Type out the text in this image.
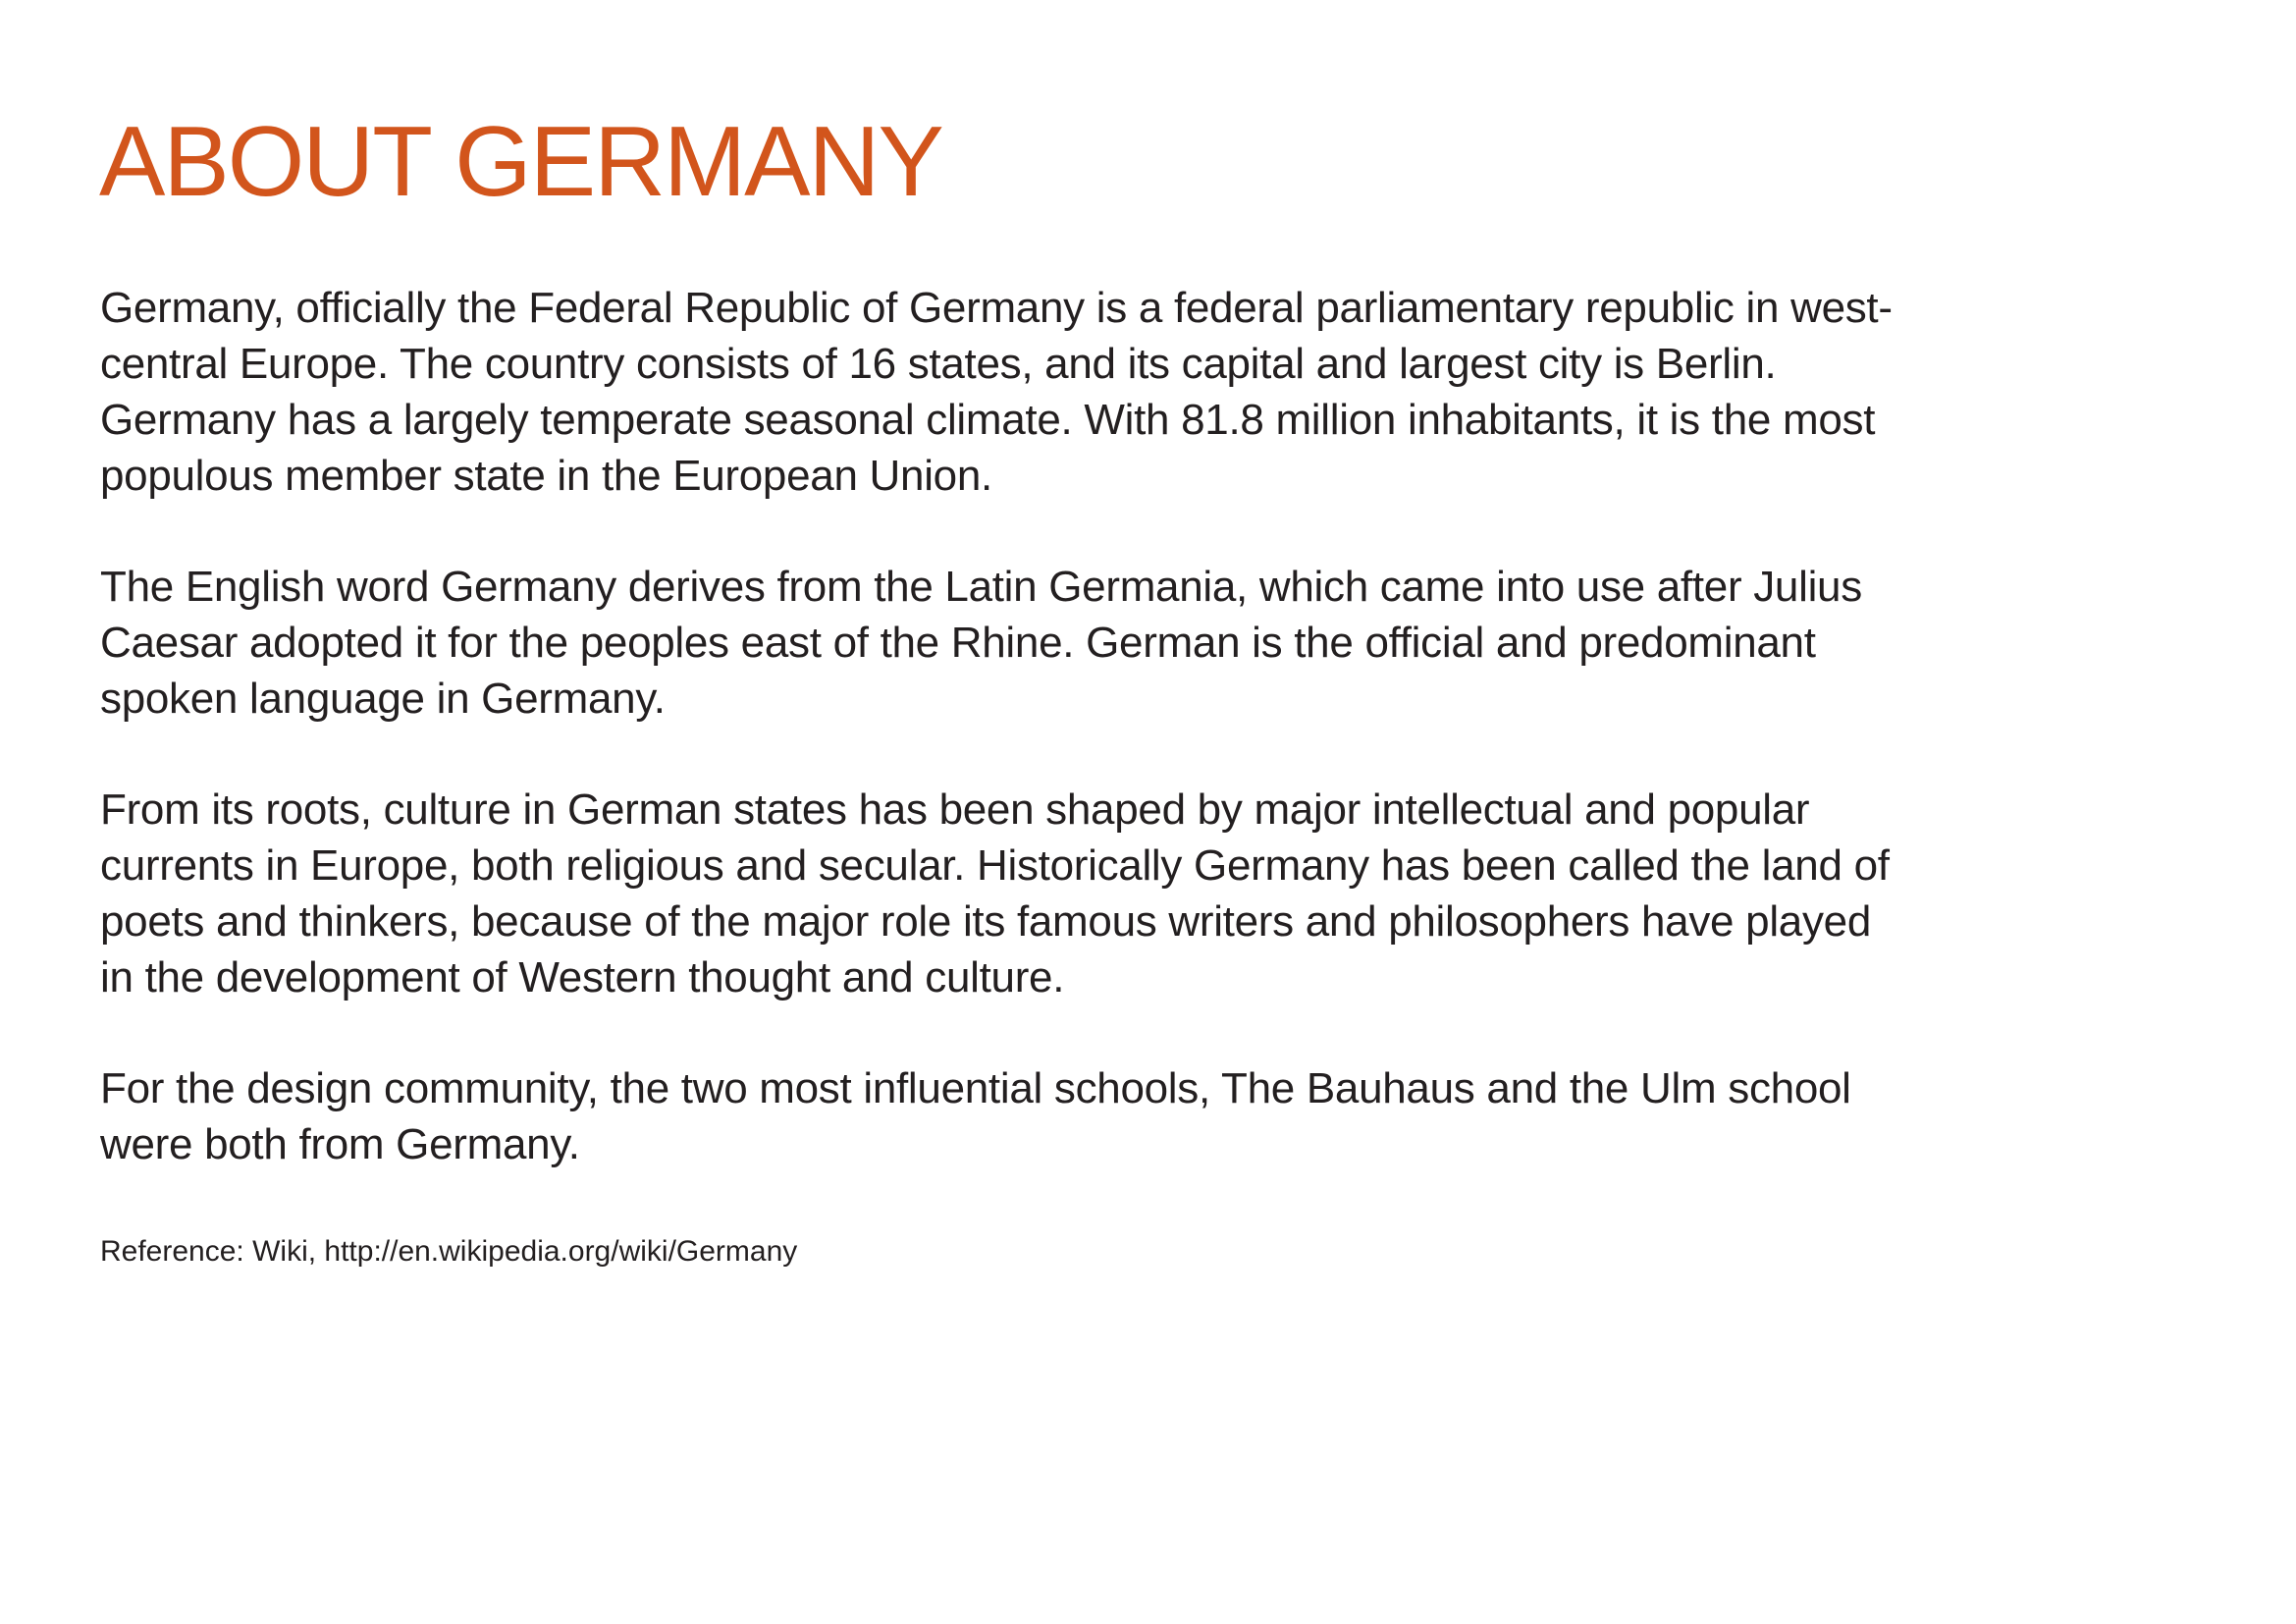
ABOUT GERMANY

Germany, officially the Federal Republic of Germany is a federal parliamentary republic in west-
central Europe. The country consists of 16 states, and its capital and largest city is Berlin.
Germany has a largely temperate seasonal climate. With 81.8 million inhabitants, it is the most
populous member state in the European Union.

The English word Germany derives from the Latin Germania, which came into use after Julius
Caesar adopted it for the peoples east of the Rhine. German is the official and predominant
spoken language in Germany.

From its roots, culture in German states has been shaped by major intellectual and popular
currents in Europe, both religious and secular. Historically Germany has been called the land of
poets and thinkers, because of the major role its famous writers and philosophers have played
in the development of Western thought and culture.

For the design community, the two most influential schools, The Bauhaus and the Ulm school
were both from Germany.

Reference: Wiki, http://en.wikipedia.org/wiki/Germany
